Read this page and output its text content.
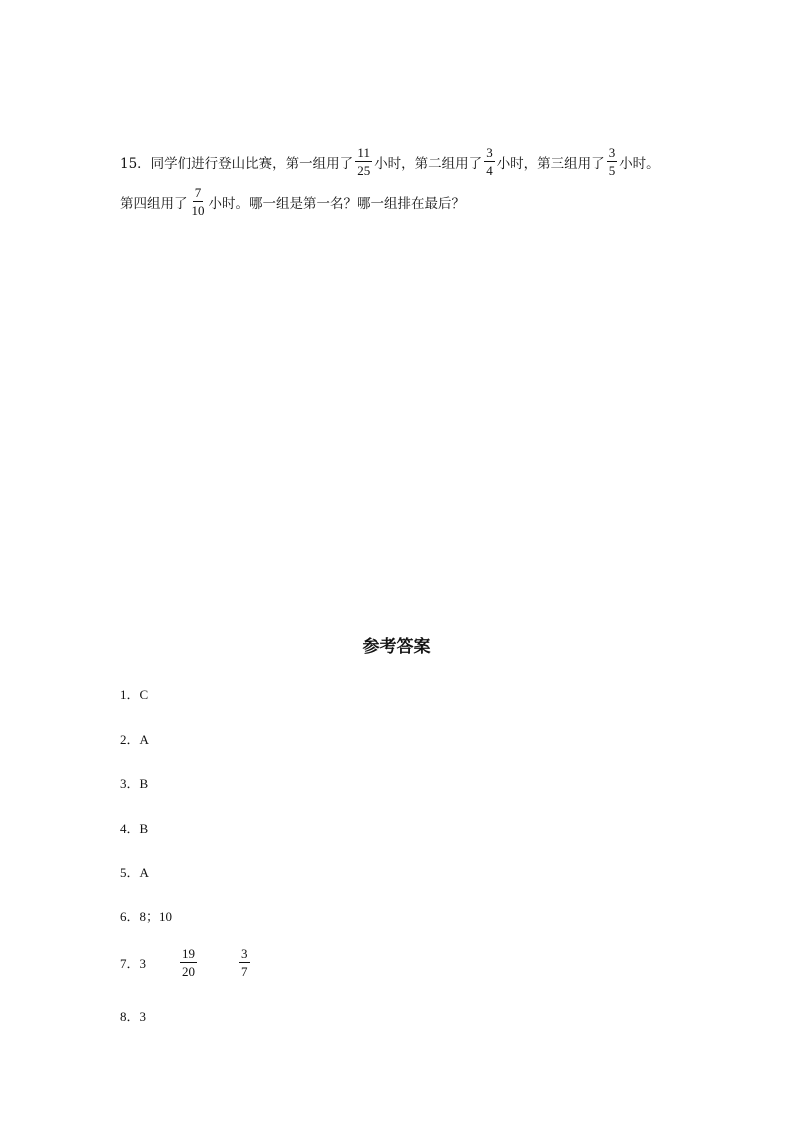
15．同学们进行登山比赛，第一组用了 $\frac{11}{25}$ 小时，第二组用了 $\frac{3}{4}$ 小时，第三组用了 $\frac{3}{5}$ 小时。
第四组用了 $\frac{7}{10}$ 小时。哪一组是第一名？哪一组排在最后？
参考答案
1．C
2．A
3．B
4．B
5．A
6．8；10
7．3	$\frac{19}{20}$	$\frac{3}{7}$
8．3
